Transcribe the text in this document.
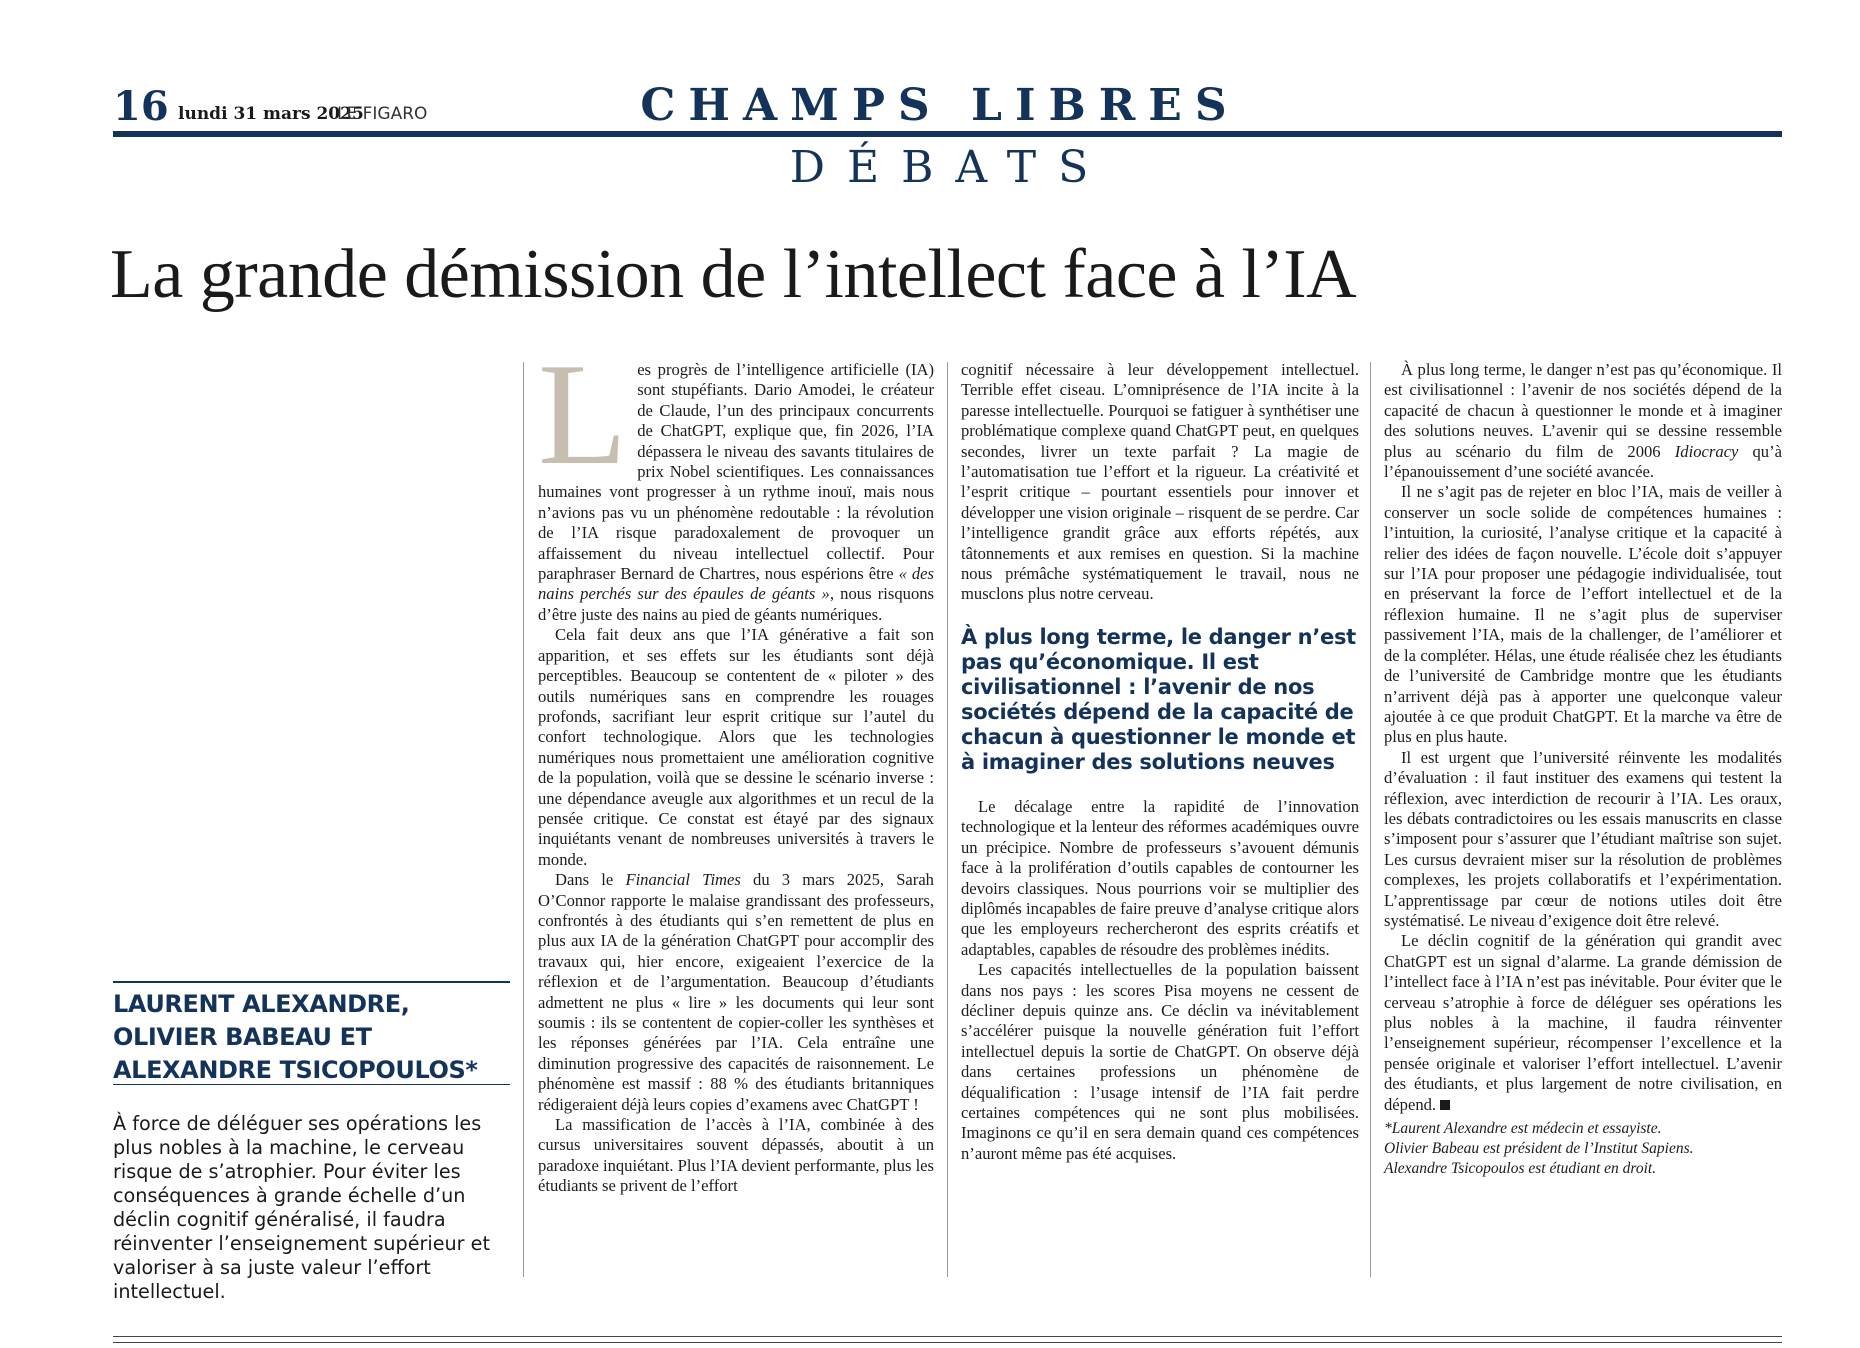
16 lundi 31 mars 2025
LE FIGARO	CHAMPS LIBRES
DÉBATS
La grande démission de l’intellect face à l’IA
LAURENT ALEXANDRE,
OLIVIER BABEAU ET
ALEXANDRE TSICOPOULOS*
À force de déléguer ses opérations les plus nobles à la machine, le cerveau risque de s’atrophier. Pour éviter les conséquences à grande échelle d’un déclin cognitif généralisé, il faudra réinventer l’enseignement supérieur et valoriser à sa juste valeur l’effort intellectuel.

Les progrès de l’intelligence artificielle (IA) sont stupéfiants. Dario Amodei, le créateur de Claude, l’un des principaux concurrents de ChatGPT, explique que, fin 2026, l’IA dépassera le niveau des savants titulaires de prix Nobel scientifiques. Les connaissances humaines vont progresser à un rythme inouï, mais nous n’avions pas vu un phénomène redoutable : la révolution de l’IA risque paradoxalement de provoquer un affaissement du niveau intellectuel collectif. Pour paraphraser Bernard de Chartres, nous espérions être « des nains perchés sur des épaules de géants », nous risquons d’être juste des nains au pied de géants numériques.

Cela fait deux ans que l’IA générative a fait son apparition, et ses effets sur les étudiants sont déjà perceptibles. Beaucoup se contentent de « piloter » des outils numériques sans en comprendre les rouages profonds, sacrifiant leur esprit critique sur l’autel du confort technologique. Alors que les technologies numériques nous promettaient une amélioration cognitive de la population, voilà que se dessine le scénario inverse : une dépendance aveugle aux algorithmes et un recul de la pensée critique. Ce constat est étayé par des signaux inquiétants venant de nombreuses universités à travers le monde.

Dans le Financial Times du 3 mars 2025, Sarah O’Connor rapporte le malaise grandissant des professeurs, confrontés à des étudiants qui s’en remettent de plus en plus aux IA de la génération ChatGPT pour accomplir des travaux qui, hier encore, exigeaient l’exercice de la réflexion et de l’argumentation. Beaucoup d’étudiants admettent ne plus « lire » les documents qui leur sont soumis : ils se contentent de copier-coller les synthèses et les réponses générées par l’IA. Cela entraîne une diminution progressive des capacités de raisonnement. Le phénomène est massif : 88 % des étudiants britanniques rédigeraient déjà leurs copies d’examens avec ChatGPT !

La massification de l’accès à l’IA, combinée à des cursus universitaires souvent dépassés, aboutit à un paradoxe inquiétant. Plus l’IA devient performante, plus les étudiants se privent de l’effort

cognitif nécessaire à leur développement intellectuel. Terrible effet ciseau. L’omniprésence de l’IA incite à la paresse intellectuelle. Pourquoi se fatiguer à synthétiser une problématique complexe quand ChatGPT peut, en quelques secondes, livrer un texte parfait ? La magie de l’automatisation tue l’effort et la rigueur. La créativité et l’esprit critique – pourtant essentiels pour innover et développer une vision originale – risquent de se perdre. Car l’intelligence grandit grâce aux efforts répétés, aux tâtonnements et aux remises en question. Si la machine nous prémâche systématiquement le travail, nous ne musclons plus notre cerveau.

À plus long terme, le danger n’est pas qu’économique. Il est civilisationnel : l’avenir de nos sociétés dépend de la capacité de chacun à questionner le monde et à imaginer des solutions neuves

Le décalage entre la rapidité de l’innovation technologique et la lenteur des réformes académiques ouvre un précipice. Nombre de professeurs s’avouent démunis face à la prolifération d’outils capables de contourner les devoirs classiques. Nous pourrions voir se multiplier des diplômés incapables de faire preuve d’analyse critique alors que les employeurs rechercheront des esprits créatifs et adaptables, capables de résoudre des problèmes inédits.

Les capacités intellectuelles de la population baissent dans nos pays : les scores Pisa moyens ne cessent de décliner depuis quinze ans. Ce déclin va inévitablement s’accélérer puisque la nouvelle génération fuit l’effort intellectuel depuis la sortie de ChatGPT. On observe déjà dans certaines professions un phénomène de déqualification : l’usage intensif de l’IA fait perdre certaines compétences qui ne sont plus mobilisées. Imaginons ce qu’il en sera demain quand ces compétences n’auront même pas été acquises.

À plus long terme, le danger n’est pas qu’économique. Il est civilisationnel : l’avenir de nos sociétés dépend de la capacité de chacun à questionner le monde et à imaginer des solutions neuves. L’avenir qui se dessine ressemble plus au scénario du film de 2006 Idiocracy qu’à l’épanouissement d’une société avancée.

Il ne s’agit pas de rejeter en bloc l’IA, mais de veiller à conserver un socle solide de compétences humaines : l’intuition, la curiosité, l’analyse critique et la capacité à relier des idées de façon nouvelle. L’école doit s’appuyer sur l’IA pour proposer une pédagogie individualisée, tout en préservant la force de l’effort intellectuel et de la réflexion humaine. Il ne s’agit plus de superviser passivement l’IA, mais de la challenger, de l’améliorer et de la compléter. Hélas, une étude réalisée chez les étudiants de l’université de Cambridge montre que les étudiants n’arrivent déjà pas à apporter une quelconque valeur ajoutée à ce que produit ChatGPT. Et la marche va être de plus en plus haute.

Il est urgent que l’université réinvente les modalités d’évaluation : il faut instituer des examens qui testent la réflexion, avec interdiction de recourir à l’IA. Les oraux, les débats contradictoires ou les essais manuscrits en classe s’imposent pour s’assurer que l’étudiant maîtrise son sujet. Les cursus devraient miser sur la résolution de problèmes complexes, les projets collaboratifs et l’expérimentation. L’apprentissage par cœur de notions utiles doit être systématisé. Le niveau d’exigence doit être relevé.

Le déclin cognitif de la génération qui grandit avec ChatGPT est un signal d’alarme. La grande démission de l’intellect face à l’IA n’est pas inévitable. Pour éviter que le cerveau s’atrophie à force de déléguer ses opérations les plus nobles à la machine, il faudra réinventer l’enseignement supérieur, récompenser l’excellence et la pensée originale et valoriser l’effort intellectuel. L’avenir des étudiants, et plus largement de notre civilisation, en dépend.

*Laurent Alexandre est médecin et essayiste.
Olivier Babeau est président de l’Institut Sapiens.
Alexandre Tsicopoulos est étudiant en droit.
